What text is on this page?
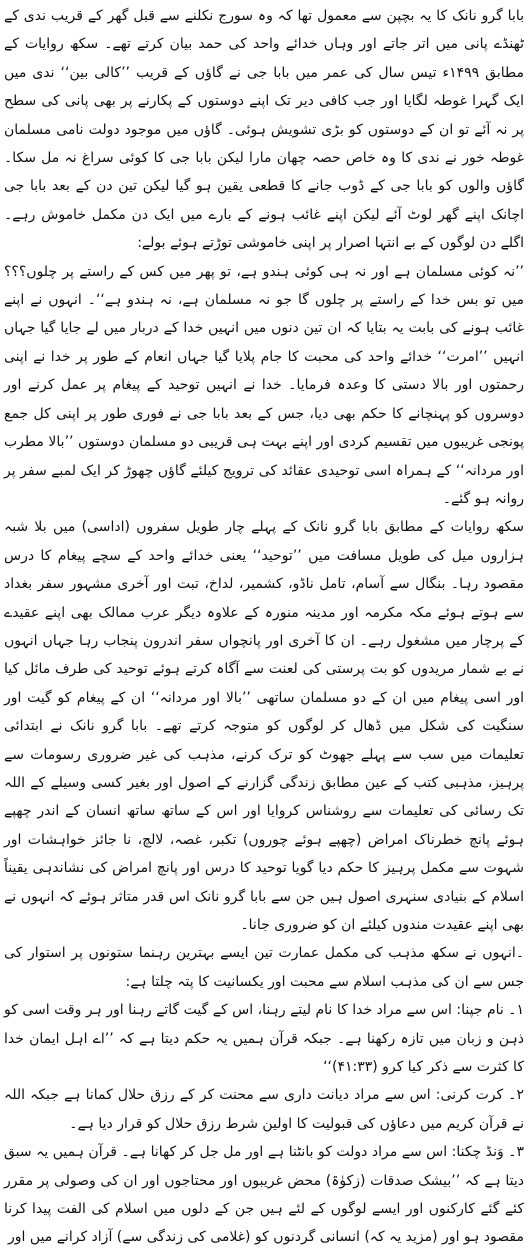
بابا گرو نانک کا یہ بچپن سے معمول تھا کہ وہ سورج نکلنے سے قبل گھر کے قریب ندی کے ٹھنڈے پانی میں اتر جاتے اور وہاں خدائے واحد کی حمد بیان کرتے تھے۔ سکھ روایات کے مطابق ۱۴۹۹ء تیس سال کی عمر میں بابا جی نے گاؤں کے قریب ’’کالی بین‘‘ ندی میں ایک گہرا غوطہ لگایا اور جب کافی دیر تک اپنے دوستوں کے پکارنے پر بھی پانی کی سطح پر نہ آئے تو ان کے دوستوں کو بڑی تشویش ہوئی۔ گاؤں میں موجود دولت نامی مسلمان غوطہ خور نے ندی کا وہ خاص حصہ چھان مارا لیکن بابا جی کا کوئی سراغ نہ مل سکا۔ گاؤں والوں کو بابا جی کے ڈوب جانے کا قطعی یقین ہو گیا لیکن تین دن کے بعد بابا جی اچانک اپنے گھر لوٹ آئے لیکن اپنے غائب ہونے کے بارے میں ایک دن مکمل خاموش رہے۔ اگلے دن لوگوں کے بے انتہا اصرار پر اپنی خاموشی توڑتے ہوئے بولے:

’’نہ کوئی مسلمان ہے اور نہ ہی کوئی ہندو ہے، تو پھر میں کس کے راستے پر چلوں؟؟؟ میں تو بس خدا کے راستے پر چلوں گا جو نہ مسلمان ہے، نہ ہندو ہے‘‘۔ انہوں نے اپنے غائب ہونے کی بابت یہ بتایا کہ ان تین دنوں میں انہیں خدا کے دربار میں لے جایا گیا جہاں انہیں ’’امرت‘‘ خدائے واحد کی محبت کا جام پلایا گیا جہاں انعام کے طور پر خدا نے اپنی رحمتوں اور بالا دستی کا وعدہ فرمایا۔ خدا نے انہیں توحید کے پیغام پر عمل کرنے اور دوسروں کو پہنچانے کا حکم بھی دیا، جس کے بعد بابا جی نے فوری طور پر اپنی کل جمع پونجی غریبوں میں تقسیم کردی اور اپنے بہت ہی قریبی دو مسلمان دوستوں ’’بالا مطرب اور مردانہ‘‘ کے ہمراہ اسی توحیدی عقائد کی ترویج کیلئے گاؤں چھوڑ کر ایک لمبے سفر پر روانہ ہو گئے۔

سکھ روایات کے مطابق بابا گرو نانک کے پہلے چار طویل سفروں (اداسی) میں بلا شبہ ہزاروں میل کی طویل مسافت میں ’’توحید‘‘ یعنی خدائے واحد کے سچے پیغام کا درس مقصود رہا۔ بنگال سے آسام، تامل ناڈو، کشمیر، لداخ، تبت اور آخری مشہور سفر بغداد سے ہوتے ہوئے مکہ مکرمہ اور مدینہ منورہ کے علاوہ دیگر عرب ممالک بھی اپنے عقیدے کے پرچار میں مشغول رہے۔ ان کا آخری اور پانچواں سفر اندرون پنجاب رہا جہاں انہوں نے بے شمار مریدوں کو بت پرستی کی لعنت سے آگاہ کرتے ہوئے توحید کی طرف مائل کیا اور اسی پیغام میں ان کے دو مسلمان ساتھی ’’بالا اور مردانہ‘‘ ان کے پیغام کو گیت اور سنگیت کی شکل میں ڈھال کر لوگوں کو متوجہ کرتے تھے۔ بابا گرو نانک نے ابتدائی تعلیمات میں سب سے پہلے جھوٹ کو ترک کرنے، مذہب کی غیر ضروری رسومات سے پرہیز، مذہبی کتب کے عین مطابق زندگی گزارنے کے اصول اور بغیر کسی وسیلے کے اللہ تک رسائی کی تعلیمات سے روشناس کروایا اور اس کے ساتھ ساتھ انسان کے اندر چھپے ہوئے پانچ خطرناک امراض (چھپے ہوئے چوروں) تکبر، غصہ، لالچ، نا جائز خواہشات اور شہوت سے مکمل پرہیز کا حکم دیا گویا توحید کا درس اور پانچ امراض کی نشاندہی یقیناً اسلام کے بنیادی سنہری اصول ہیں جن سے بابا گرو نانک اس قدر متاثر ہوئے کہ انہوں نے بھی اپنے عقیدت مندوں کیلئے ان کو ضروری جانا۔

۔انہوں نے سکھ مذہب کی مکمل عمارت تین ایسے بہترین رہنما ستونوں پر استوار کی جس سے ان کی مذہب اسلام سے محبت اور یکسانیت کا پتہ چلتا ہے:

۱۔ نام جپنا: اس سے مراد خدا کا نام لیتے رہنا، اس کے گیت گاتے رہنا اور ہر وقت اسی کو ذہن و زبان میں تازہ رکھنا ہے۔ جبکہ قرآن ہمیں یہ حکم دیتا ہے کہ ’’اے اہل ایمان خدا کا کثرت سے ذکر کیا کرو (۴۱:۳۳)‘‘

۲۔ کرت کرنی: اس سے مراد دیانت داری سے محنت کر کے رزق حلال کمانا ہے جبکہ اللہ نے قرآن کریم میں دعاؤں کی قبولیت کا اولین شرط رزق حلال کو قرار دیا ہے۔

۳۔ وَنڈ چکنا: اس سے مراد دولت کو بانٹنا ہے اور مل جل کر کھانا ہے۔ قرآن ہمیں یہ سبق دیتا ہے کہ ’’بیشک صدقات (زکوٰۃ) محض غریبوں اور محتاجوں اور ان کی وصولی پر مقرر کئے گئے کارکنوں اور ایسے لوگوں کے لئے ہیں جن کے دلوں میں اسلام کی الفت پیدا کرنا مقصود ہو اور (مزید یہ کہ) انسانی گردنوں کو (غلامی کی زندگی سے) آزاد کرانے میں اور
